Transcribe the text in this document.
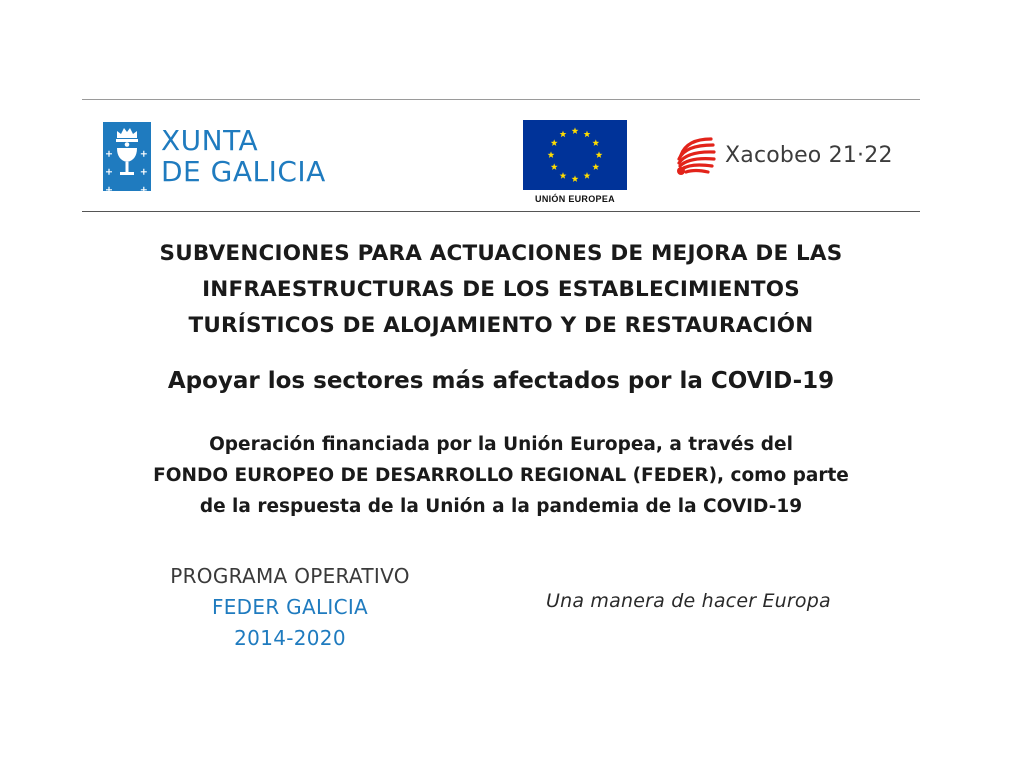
XUNTA
DE GALICIA
UNIÓN EUROPEA
Xacobeo 21·22
SUBVENCIONES PARA ACTUACIONES DE MEJORA DE LAS
INFRAESTRUCTURAS DE LOS ESTABLECIMIENTOS
TURÍSTICOS DE ALOJAMIENTO Y DE RESTAURACIÓN
Apoyar los sectores más afectados por la COVID-19
Operación financiada por la Unión Europea, a través del
FONDO EUROPEO DE DESARROLLO REGIONAL (FEDER), como parte
de la respuesta de la Unión a la pandemia de la COVID-19
PROGRAMA OPERATIVO
FEDER GALICIA
2014-2020
Una manera de hacer Europa
